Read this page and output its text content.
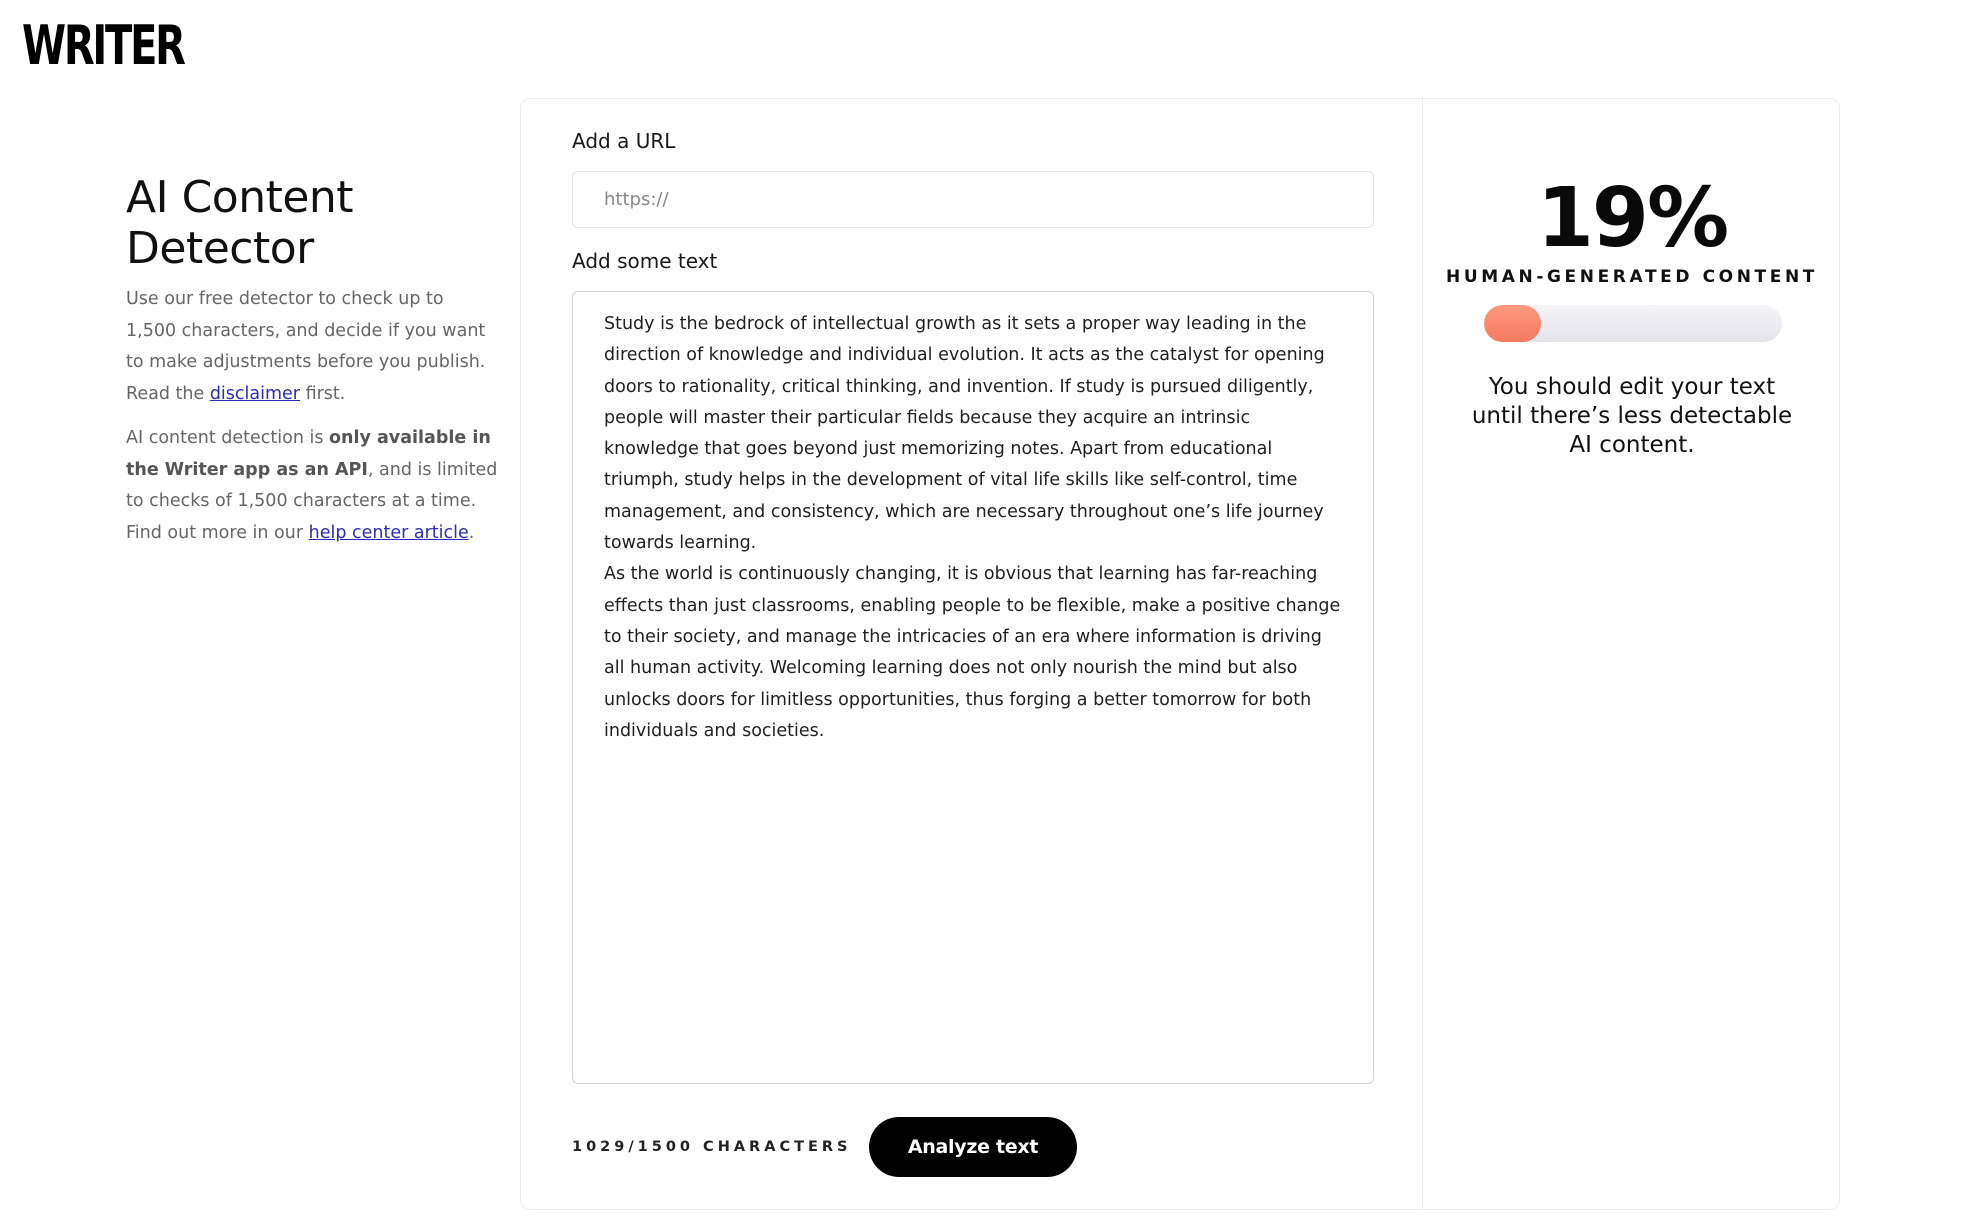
WRITER
AI Content
Detector

Use our free detector to check up to 1,500 characters, and decide if you want to make adjustments before you publish. Read the disclaimer first.

AI content detection is only available in the Writer app as an API, and is limited to checks of 1,500 characters at a time. Find out more in our help center article.

Add a URL
https://
Add some text

Study is the bedrock of intellectual growth as it sets a proper way leading in the direction of knowledge and individual evolution. It acts as the catalyst for opening doors to rationality, critical thinking, and invention. If study is pursued diligently, people will master their particular fields because they acquire an intrinsic knowledge that goes beyond just memorizing notes. Apart from educational triumph, study helps in the development of vital life skills like self-control, time management, and consistency, which are necessary throughout one’s life journey towards learning.

As the world is continuously changing, it is obvious that learning has far-reaching effects than just classrooms, enabling people to be flexible, make a positive change to their society, and manage the intricacies of an era where information is driving all human activity. Welcoming learning does not only nourish the mind but also unlocks doors for limitless opportunities, thus forging a better tomorrow for both individuals and societies.

1029/1500 CHARACTERS	Analyze text
19%
HUMAN-GENERATED CONTENT
You should edit your text until there’s less detectable AI content.
